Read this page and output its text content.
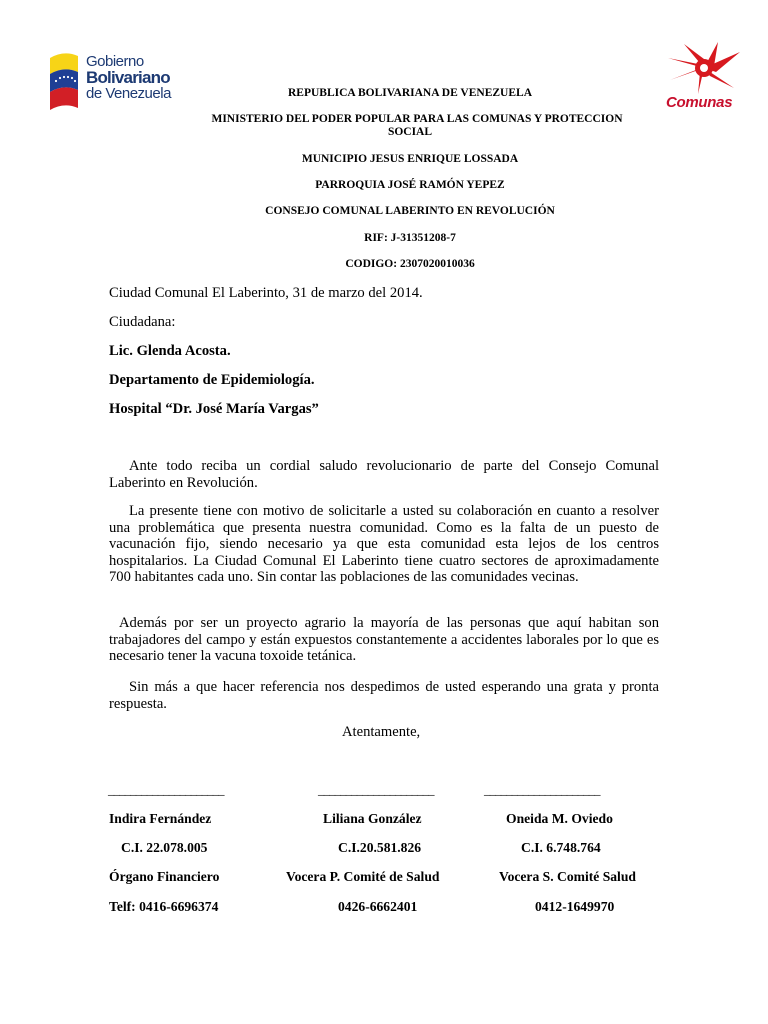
Gobierno
Bolivariano
de Venezuela
Comunas
REPUBLICA BOLIVARIANA DE VENEZUELA
MINISTERIO DEL PODER POPULAR PARA LAS COMUNAS Y PROTECCION
SOCIAL
MUNICIPIO JESUS ENRIQUE LOSSADA
PARROQUIA JOSÉ RAMÓN YEPEZ
CONSEJO COMUNAL LABERINTO EN REVOLUCIÓN
RIF: J-31351208-7
CODIGO: 2307020010036
Ciudad Comunal El Laberinto, 31 de marzo del 2014.
Ciudadana:
Lic. Glenda Acosta.
Departamento de Epidemiología.
Hospital “Dr. José María Vargas”
Ante todo reciba un cordial saludo revolucionario de parte del Consejo Comunal Laberinto en Revolución.
La presente tiene con motivo de solicitarle a usted su colaboración en cuanto a resolver una problemática que presenta nuestra comunidad. Como es la falta de un puesto de vacunación fijo, siendo necesario ya que esta comunidad esta lejos de los centros hospitalarios. La Ciudad Comunal El Laberinto tiene cuatro sectores de aproximadamente 700 habitantes cada uno. Sin contar las poblaciones de las comunidades vecinas.
Además por ser un proyecto agrario la mayoría de las personas que aquí habitan son trabajadores del campo y están expuestos constantemente a accidentes laborales por lo que es necesario tener la vacuna toxoide tetánica.
Sin más a que hacer referencia nos despedimos de usted esperando una grata y pronta respuesta.
Atentamente,
_____________________	_____________________	_____________________
Indira Fernández
C.I. 22.078.005
Órgano Financiero
Telf: 0416-6696374
Liliana González
C.I.20.581.826
Vocera P. Comité de Salud
0426-6662401
Oneida M. Oviedo
C.I. 6.748.764
Vocera S. Comité Salud
0412-1649970
